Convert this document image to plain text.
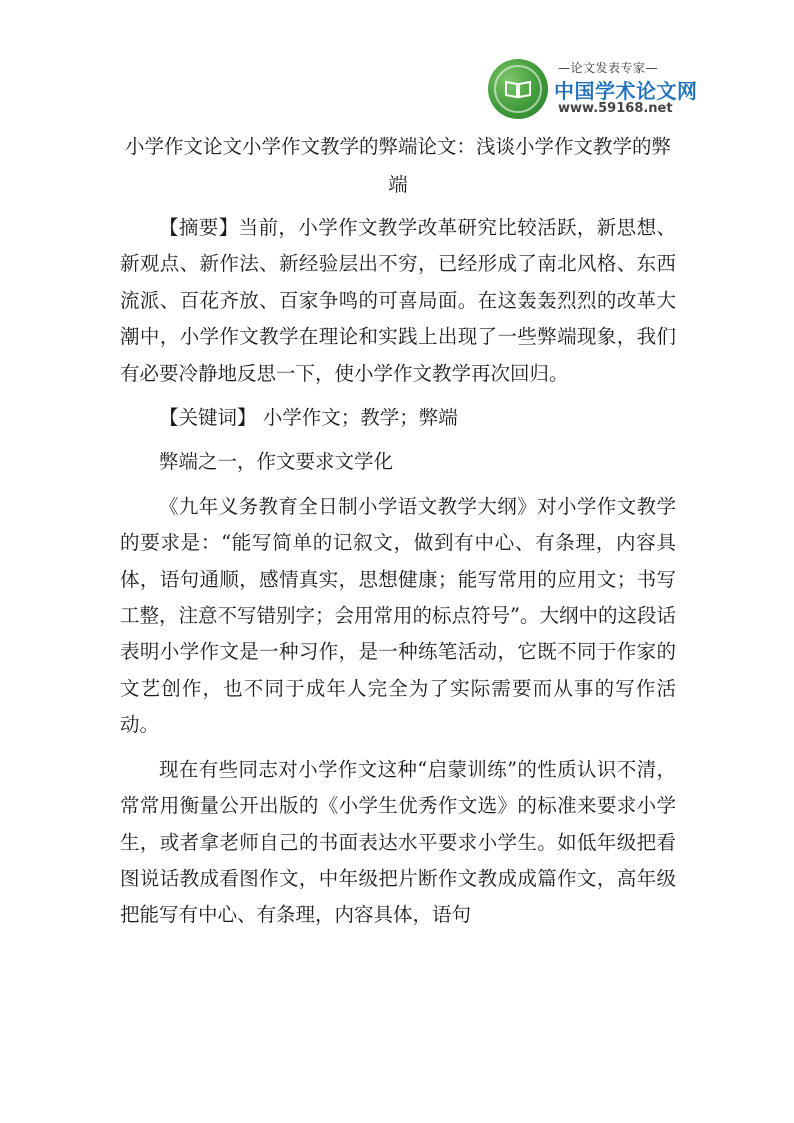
—论文发表专家—
中国学术论文网
www.59168.net
小学作文论文小学作文教学的弊端论文：浅谈小学作文教学的弊端

【摘要】当前，小学作文教学改革研究比较活跃，新思想、新观点、新作法、新经验层出不穷，已经形成了南北风格、东西流派、百花齐放、百家争鸣的可喜局面。在这轰轰烈烈的改革大潮中，小学作文教学在理论和实践上出现了一些弊端现象，我们有必要冷静地反思一下，使小学作文教学再次回归。

【关键词】 小学作文；教学；弊端

弊端之一，作文要求文学化

《九年义务教育全日制小学语文教学大纲》对小学作文教学的要求是：“能写简单的记叙文，做到有中心、有条理，内容具体，语句通顺，感情真实，思想健康；能写常用的应用文；书写工整，注意不写错别字；会用常用的标点符号”。大纲中的这段话表明小学作文是一种习作，是一种练笔活动，它既不同于作家的文艺创作，也不同于成年人完全为了实际需要而从事的写作活动。

现在有些同志对小学作文这种“启蒙训练”的性质认识不清，常常用衡量公开出版的《小学生优秀作文选》的标准来要求小学生，或者拿老师自己的书面表达水平要求小学生。如低年级把看图说话教成看图作文，中年级把片断作文教成成篇作文，高年级把能写有中心、有条理，内容具体，语句
